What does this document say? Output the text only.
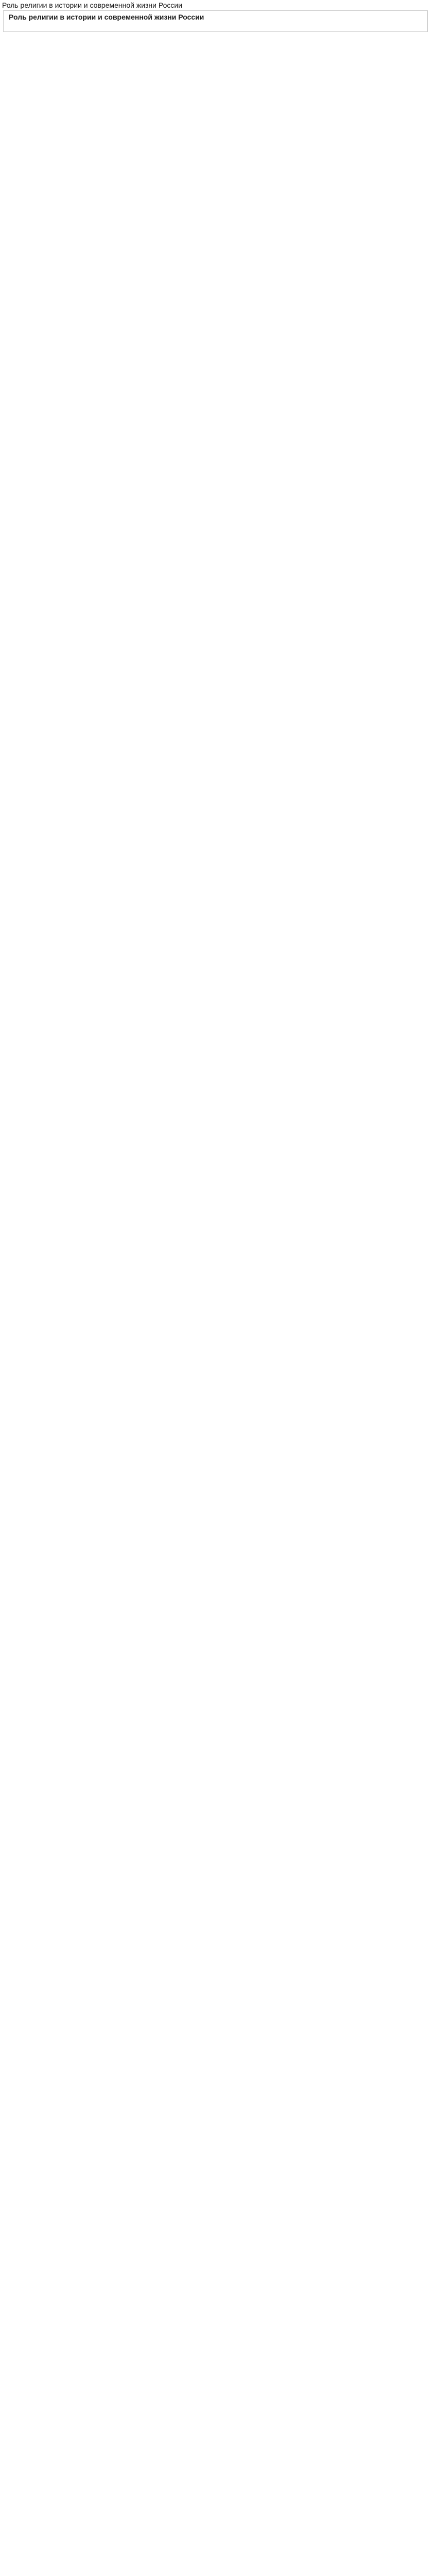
Роль религии в истории и современной жизни России
Роль религии в истории и современной жизни России
